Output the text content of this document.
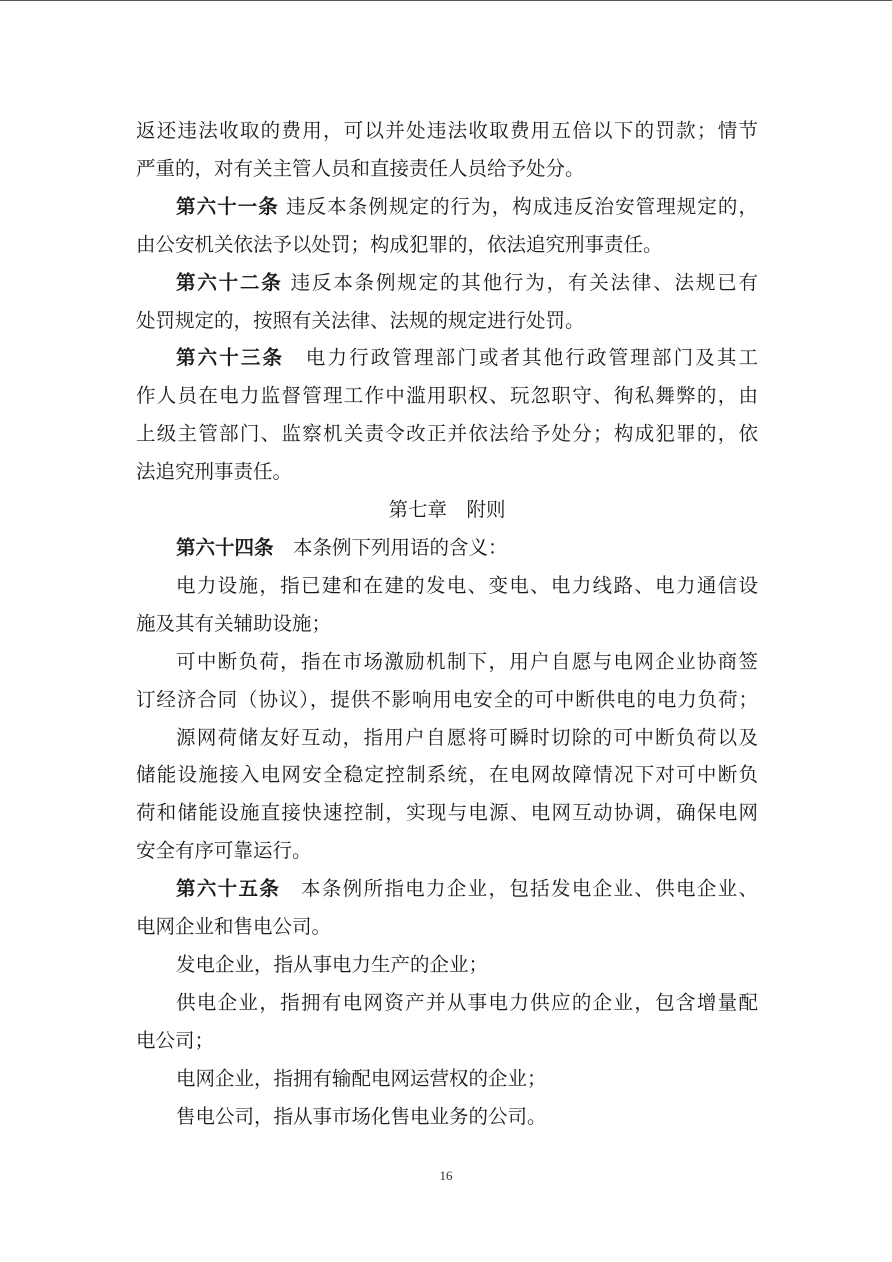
返还违法收取的费用，可以并处违法收取费用五倍以下的罚款；情节
严重的，对有关主管人员和直接责任人员给予处分。
第六十一条 违反本条例规定的行为，构成违反治安管理规定的，
由公安机关依法予以处罚；构成犯罪的，依法追究刑事责任。
第六十二条 违反本条例规定的其他行为，有关法律、法规已有
处罚规定的，按照有关法律、法规的规定进行处罚。
第六十三条　电力行政管理部门或者其他行政管理部门及其工
作人员在电力监督管理工作中滥用职权、玩忽职守、徇私舞弊的，由
上级主管部门、监察机关责令改正并依法给予处分；构成犯罪的，依
法追究刑事责任。
第七章　附则
第六十四条　本条例下列用语的含义：
电力设施，指已建和在建的发电、变电、电力线路、电力通信设
施及其有关辅助设施；
可中断负荷，指在市场激励机制下，用户自愿与电网企业协商签
订经济合同（协议），提供不影响用电安全的可中断供电的电力负荷；
源网荷储友好互动，指用户自愿将可瞬时切除的可中断负荷以及
储能设施接入电网安全稳定控制系统，在电网故障情况下对可中断负
荷和储能设施直接快速控制，实现与电源、电网互动协调，确保电网
安全有序可靠运行。
第六十五条　本条例所指电力企业，包括发电企业、供电企业、
电网企业和售电公司。
发电企业，指从事电力生产的企业；
供电企业，指拥有电网资产并从事电力供应的企业，包含增量配
电公司；
电网企业，指拥有输配电网运营权的企业；
售电公司，指从事市场化售电业务的公司。
16
